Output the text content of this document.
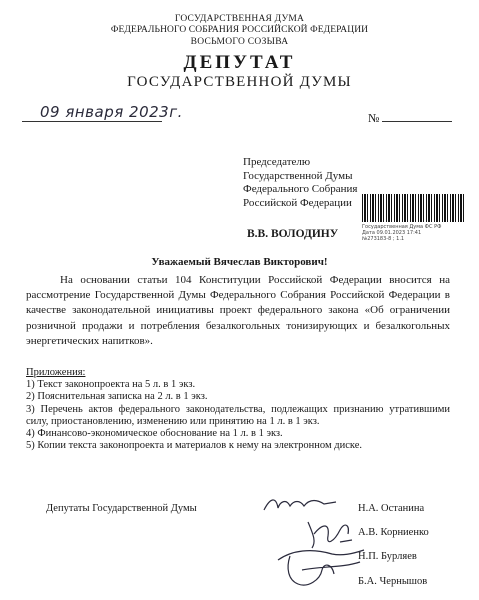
ГОСУДАРСТВЕННАЯ ДУМА
ФЕДЕРАЛЬНОГО СОБРАНИЯ РОССИЙСКОЙ ФЕДЕРАЦИИ
ВОСЬМОГО СОЗЫВА
ДЕПУТАТ
ГОСУДАРСТВЕННОЙ ДУМЫ
09 января 2023г.	№
Председателю
Государственной Думы
Федерального Собрания
Российской Федерации
В.В. ВОЛОДИНУ
Государственная Дума ФС РФ
Дата 09.01.2023 17:41
№273183-8 ; 1.1
Уважаемый Вячеслав Викторович!
На основании статьи 104 Конституции Российской Федерации вносится на рассмотрение Государственной Думы Федерального Собрания Российской Федерации в качестве законодательной инициативы проект федерального закона «Об ограничении розничной продажи и потребления безалкогольных тонизирующих и безалкогольных энергетических напитков».
Приложения:
1) Текст законопроекта на 5 л. в 1 экз.
2) Пояснительная записка на 2 л. в 1 экз.
3) Перечень актов федерального законодательства, подлежащих признанию утратившими силу, приостановлению, изменению или принятию на 1 л. в 1 экз.
4) Финансово-экономическое обоснование на 1 л. в 1 экз.
5) Копии текста законопроекта и материалов к нему на электронном диске.
Депутаты Государственной Думы	Н.А. Останина
А.В. Корниенко
Н.П. Бурляев
Б.А. Чернышов
